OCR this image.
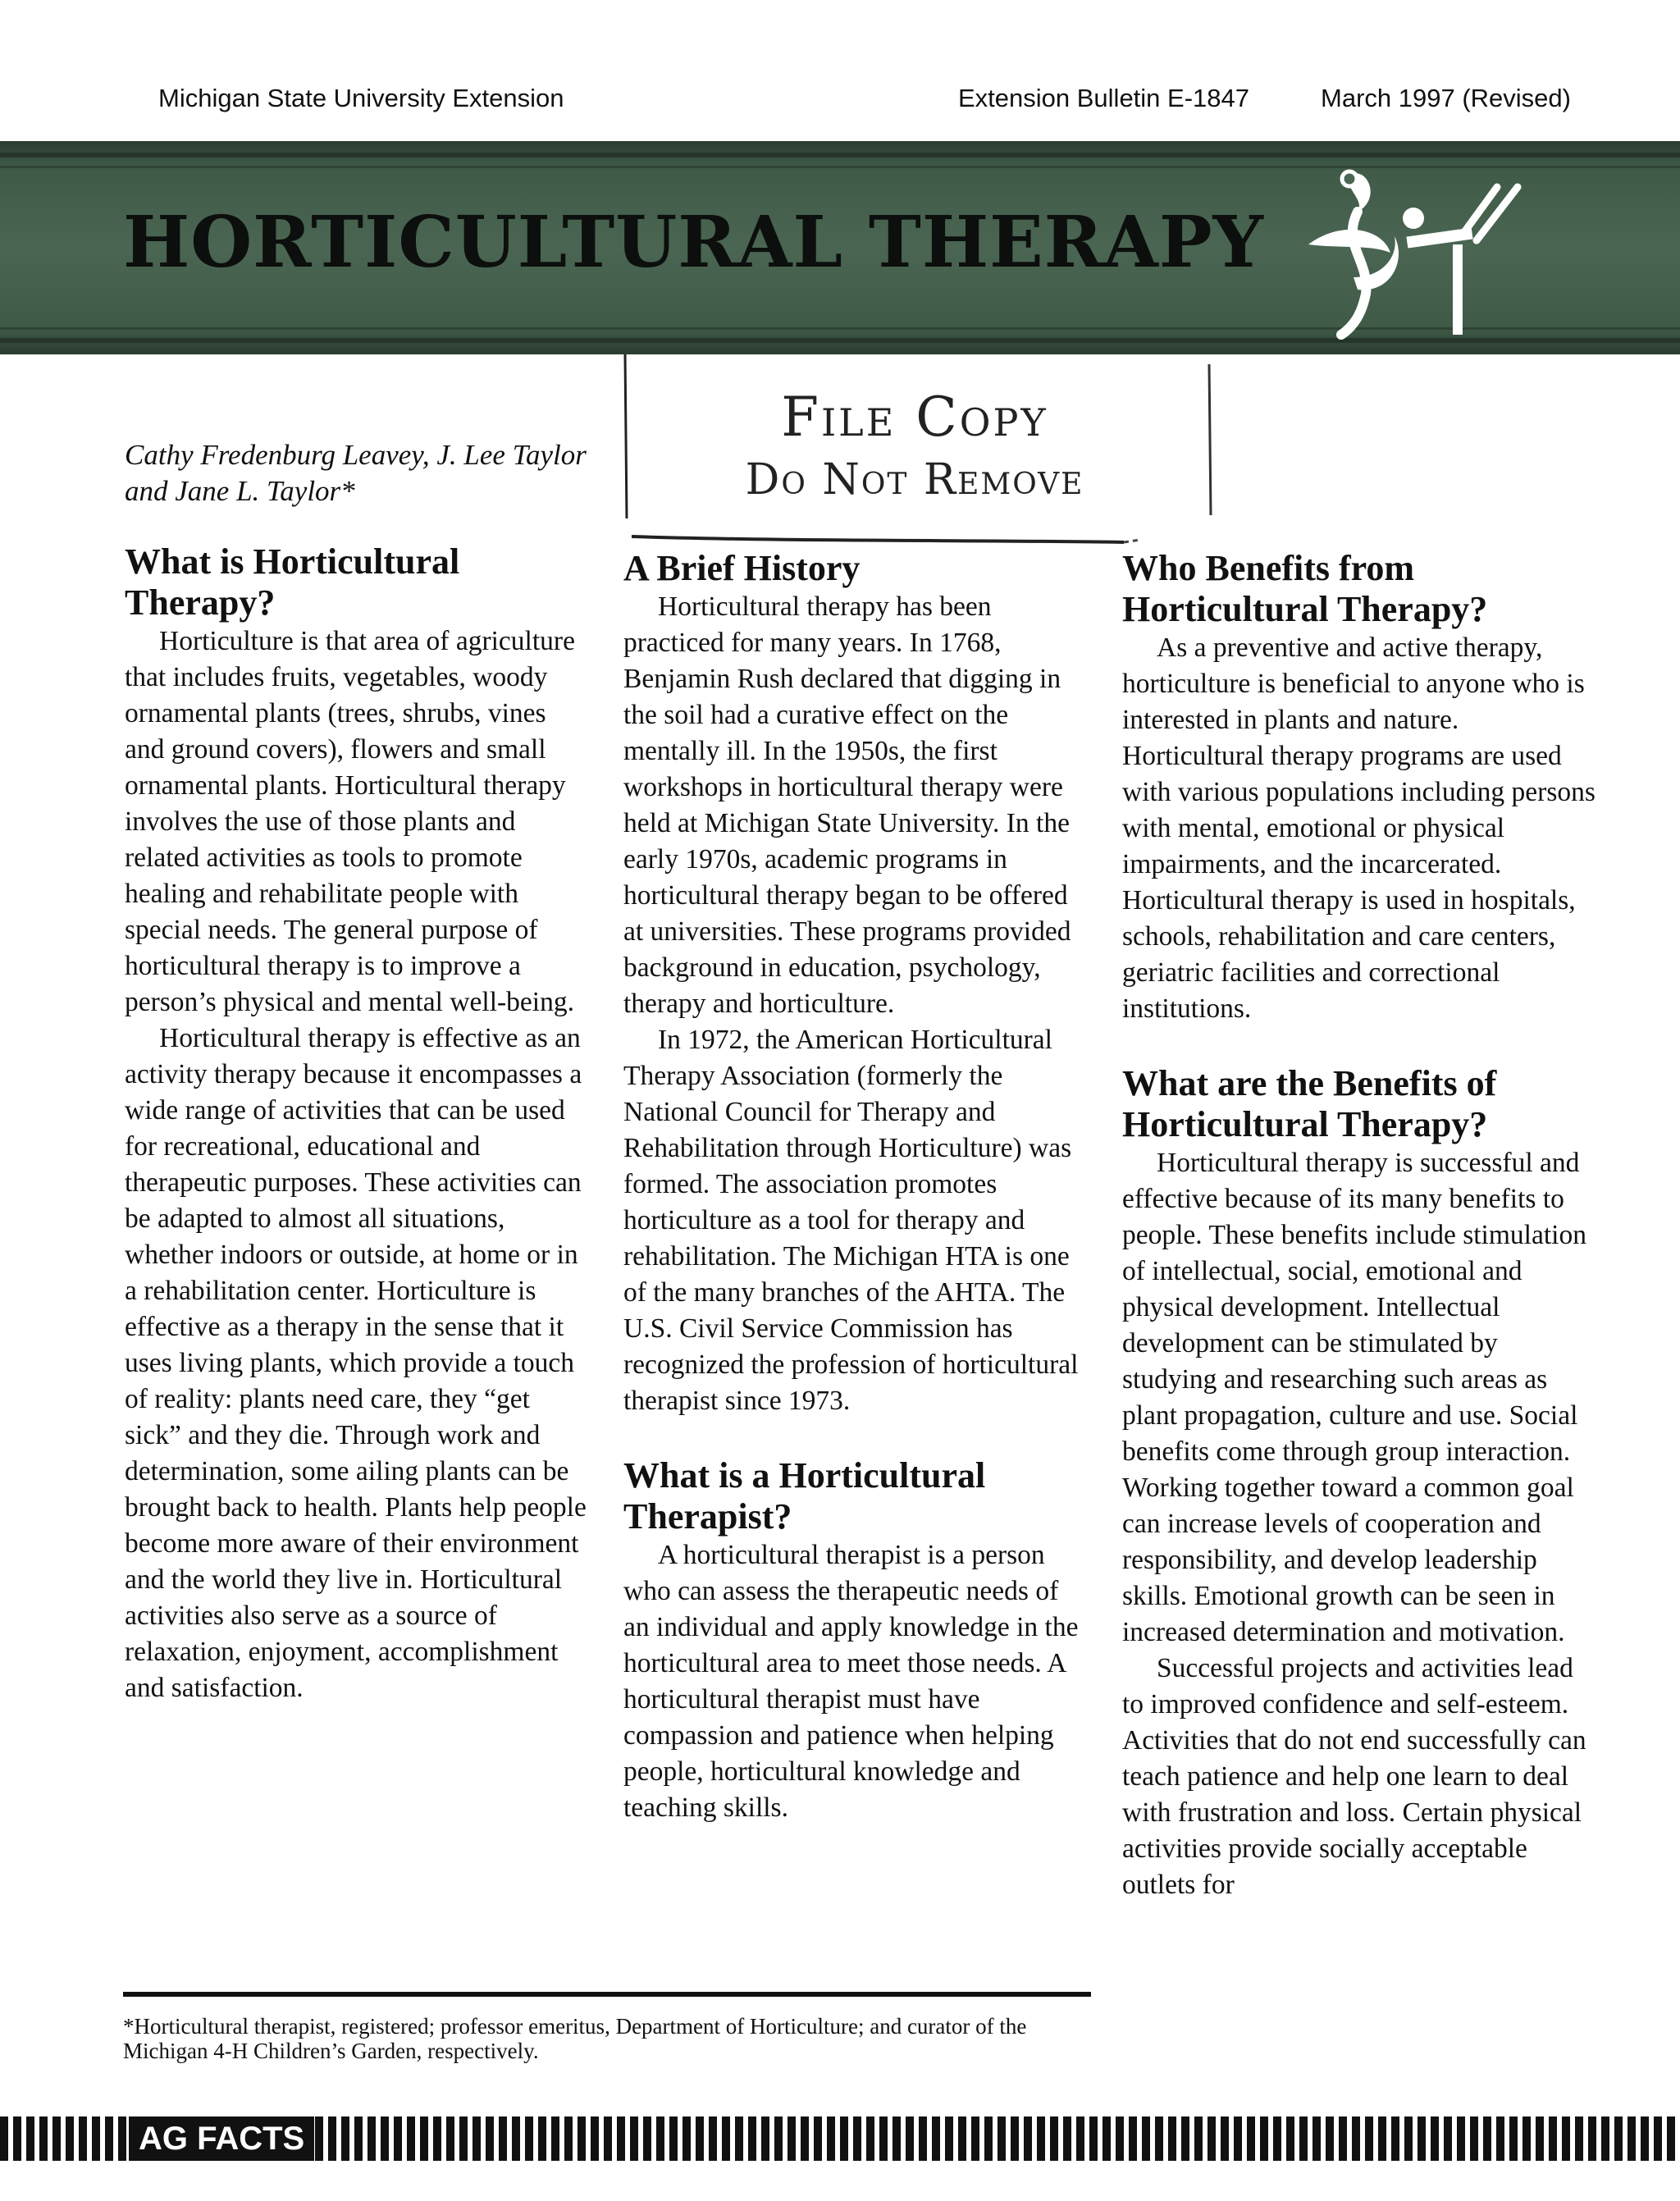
Michigan State University Extension	Extension Bulletin E-1847	March 1997 (Revised)
HORTICULTURAL THERAPY
File Copy
Do Not Remove
Cathy Fredenburg Leavey, J. Lee Taylor
and Jane L. Taylor*
What is Horticultural Therapy?

Horticulture is that area of agriculture that includes fruits, vegetables, woody ornamental plants (trees, shrubs, vines and ground covers), flowers and small ornamental plants. Horticultural therapy involves the use of those plants and related activities as tools to promote healing and rehabilitate people with special needs. The general purpose of horticultural therapy is to improve a person’s physical and mental well-being.

Horticultural therapy is effective as an activity therapy because it encompasses a wide range of activities that can be used for recreational, educational and therapeutic purposes. These activities can be adapted to almost all situations, whether indoors or outside, at home or in a rehabilitation center. Horticulture is effective as a therapy in the sense that it uses living plants, which provide a touch of reality: plants need care, they “get sick” and they die. Through work and determination, some ailing plants can be brought back to health. Plants help people become more aware of their environment and the world they live in. Horticultural activities also serve as a source of relaxation, enjoyment, accomplishment and satisfaction.

A Brief History

Horticultural therapy has been practiced for many years. In 1768, Benjamin Rush declared that digging in the soil had a curative effect on the mentally ill. In the 1950s, the first workshops in horticultural therapy were held at Michigan State University. In the early 1970s, academic programs in horticultural therapy began to be offered at universities. These programs provided background in education, psychology, therapy and horticulture.

In 1972, the American Horticultural Therapy Association (formerly the National Council for Therapy and Rehabilitation through Horticulture) was formed. The association promotes horticulture as a tool for therapy and rehabilitation. The Michigan HTA is one of the many branches of the AHTA. The U.S. Civil Service Commission has recognized the profession of horticultural therapist since 1973.

What is a Horticultural Therapist?

A horticultural therapist is a person who can assess the therapeutic needs of an individual and apply knowledge in the horticultural area to meet those needs. A horticultural therapist must have compassion and patience when helping people, horticultural knowledge and teaching skills.

Who Benefits from Horticultural Therapy?

As a preventive and active therapy, horticulture is beneficial to anyone who is interested in plants and nature. Horticultural therapy programs are used with various populations including persons with mental, emotional or physical impairments, and the incarcerated. Horticultural therapy is used in hospitals, schools, rehabilitation and care centers, geriatric facilities and correctional institutions.

What are the Benefits of Horticultural Therapy?

Horticultural therapy is successful and effective because of its many benefits to people. These benefits include stimulation of intellectual, social, emotional and physical development. Intellectual development can be stimulated by studying and researching such areas as plant propagation, culture and use. Social benefits come through group interaction. Working together toward a common goal can increase levels of cooperation and responsibility, and develop leadership skills. Emotional growth can be seen in increased determination and motivation.

Successful projects and activities lead to improved confidence and self-esteem. Activities that do not end successfully can teach patience and help one learn to deal with frustration and loss. Certain physical activities provide socially acceptable outlets for

*Horticultural therapist, registered; professor emeritus, Department of Horticulture; and curator of the Michigan 4-H Children’s Garden, respectively.
AG FACTS
